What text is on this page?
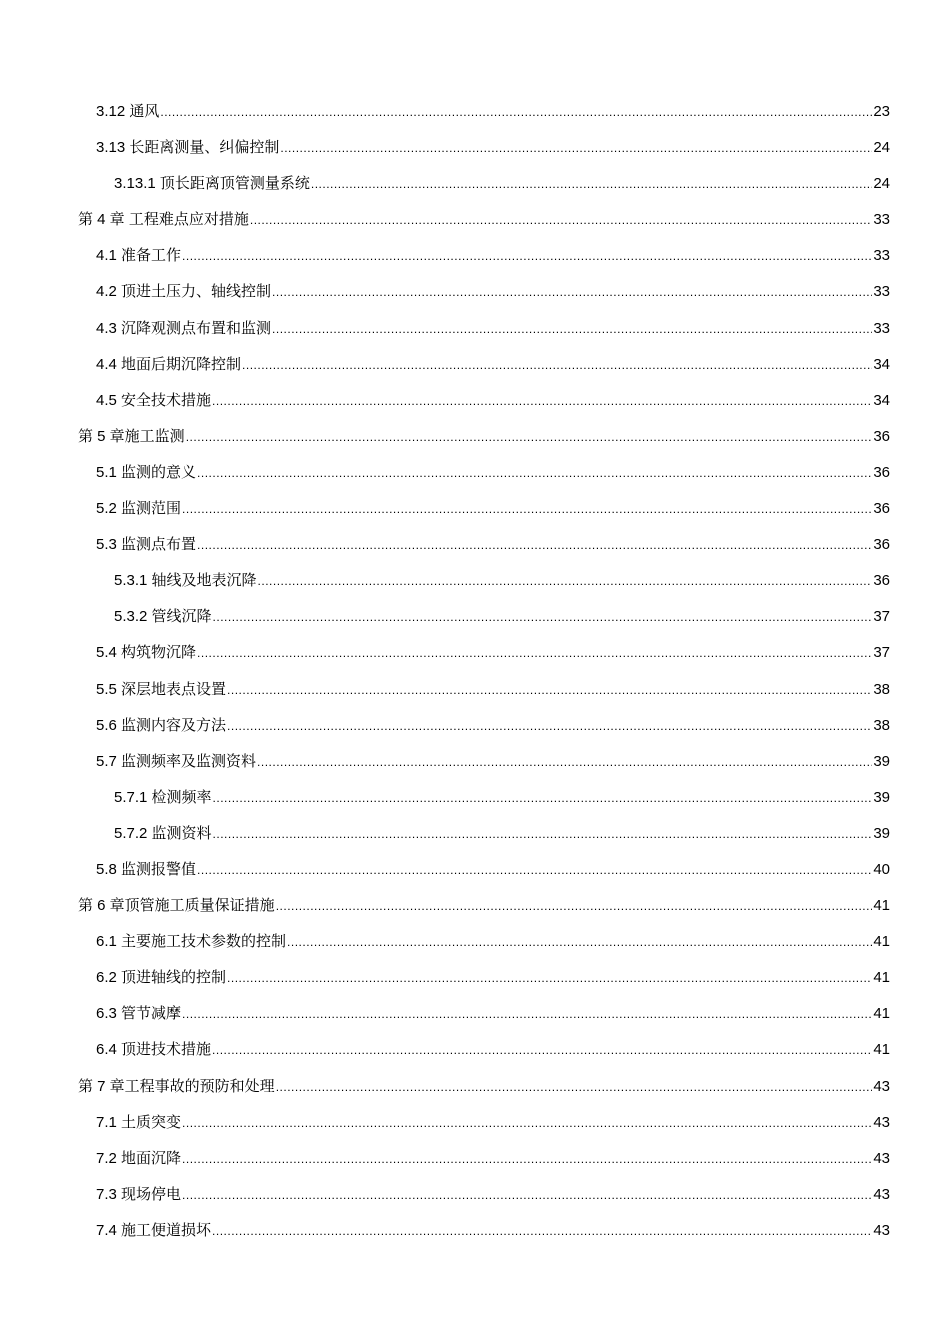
3.12 通风 .....	23
3.13 长距离测量、纠偏控制 .....	24
3.13.1 顶长距离顶管测量系统 .....	24
第 4 章 工程难点应对措施 .....	33
4.1 准备工作 .....	33
4.2 顶进土压力、轴线控制 .....	33
4.3 沉降观测点布置和监测 .....	33
4.4 地面后期沉降控制 .....	34
4.5 安全技术措施 .....	34
第 5 章施工监测 .....	36
5.1 监测的意义 .....	36
5.2 监测范围 .....	36
5.3 监测点布置 .....	36
5.3.1 轴线及地表沉降 .....	36
5.3.2 管线沉降 .....	37
5.4 构筑物沉降 .....	37
5.5 深层地表点设置 .....	38
5.6 监测内容及方法 .....	38
5.7 监测频率及监测资料 .....	39
5.7.1 检测频率 .....	39
5.7.2 监测资料 .....	39
5.8 监测报警值 .....	40
第 6 章顶管施工质量保证措施 .....	41
6.1 主要施工技术参数的控制 .....	41
6.2 顶进轴线的控制 .....	41
6.3 管节减摩 .....	41
6.4 顶进技术措施 .....	41
第 7 章工程事故的预防和处理 .....	43
7.1 土质突变 .....	43
7.2 地面沉降 .....	43
7.3 现场停电 .....	43
7.4 施工便道损坏 .....	43
